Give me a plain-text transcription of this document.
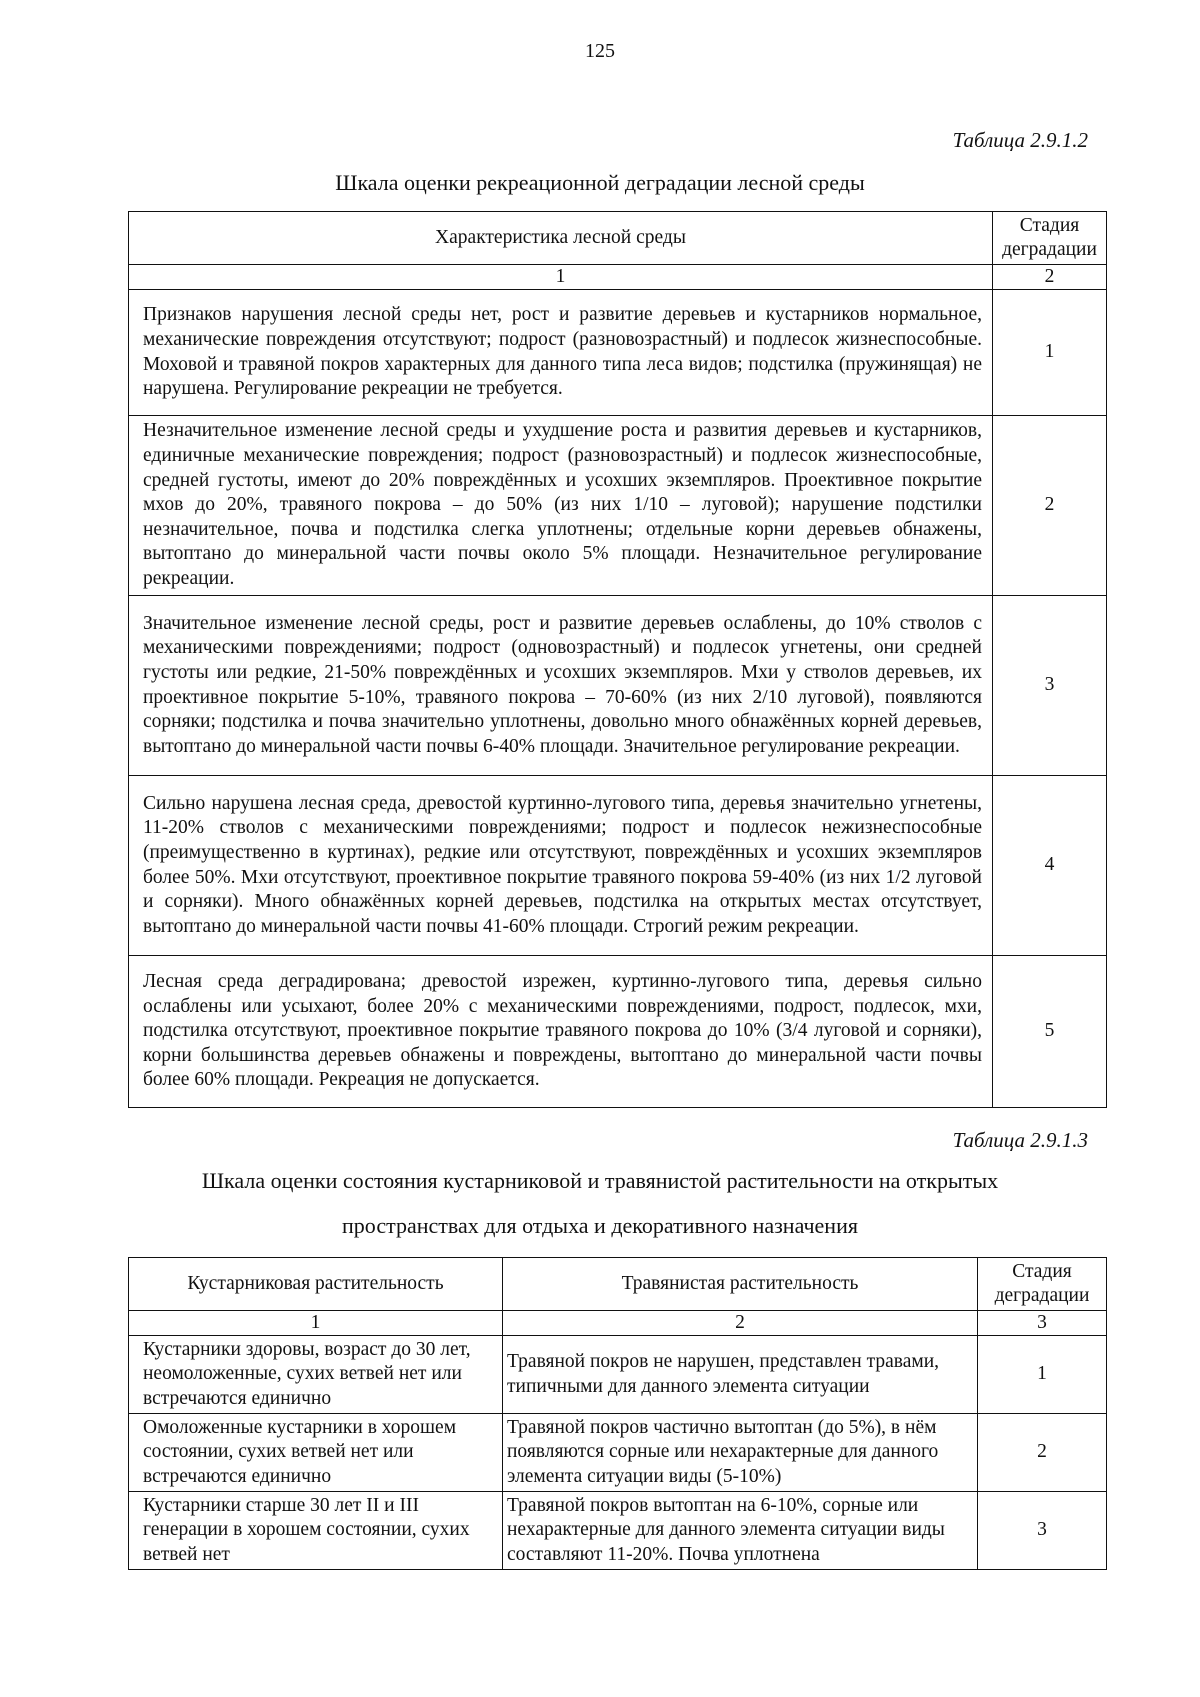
125
Таблица 2.9.1.2
Шкала оценки рекреационной деградации лесной среды
Характеристика лесной среды	Стадия деградации
1	2
Признаков нарушения лесной среды нет, рост и развитие деревьев и кустарников нормальное, механические повреждения отсутствуют; подрост (разновозрастный) и подлесок жизнеспособные. Моховой и травяной покров характерных для данного типа леса видов; подстилка (пружинящая) не нарушена. Регулирование рекреации не требуется.	1
Незначительное изменение лесной среды и ухудшение роста и развития деревьев и кустарников, единичные механические повреждения; подрост (разновозрастный) и подлесок жизнеспособные, средней густоты, имеют до 20% повреждённых и усохших экземпляров. Проективное покрытие мхов до 20%, травяного покрова – до 50% (из них 1/10 – луговой); нарушение подстилки незначительное, почва и подстилка слегка уплотнены; отдельные корни деревьев обнажены, вытоптано до минеральной части почвы около 5% площади. Незначительное регулирование рекреации.	2
Значительное изменение лесной среды, рост и развитие деревьев ослаблены, до 10% стволов с механическими повреждениями; подрост (одновозрастный) и подлесок угнетены, они средней густоты или редкие, 21-50% повреждённых и усохших экземпляров. Мхи у стволов деревьев, их проективное покрытие 5-10%, травяного покрова – 70-60% (из них 2/10 луговой), появляются сорняки; подстилка и почва значительно уплотнены, довольно много обнажённых корней деревьев, вытоптано до минеральной части почвы 6-40% площади. Значительное регулирование рекреации.	3
Сильно нарушена лесная среда, древостой куртинно-лугового типа, деревья значительно угнетены, 11-20% стволов с механическими повреждениями; подрост и подлесок нежизнеспособные (преимущественно в куртинах), редкие или отсутствуют, повреждённых и усохших экземпляров более 50%. Мхи отсутствуют, проективное покрытие травяного покрова 59-40% (из них 1/2 луговой и сорняки). Много обнажённых корней деревьев, подстилка на открытых местах отсутствует, вытоптано до минеральной части почвы 41-60% площади. Строгий режим рекреации.	4
Лесная среда деградирована; древостой изрежен, куртинно-лугового типа, деревья сильно ослаблены или усыхают, более 20% с механическими повреждениями, подрост, подлесок, мхи, подстилка отсутствуют, проективное покрытие травяного покрова до 10% (3/4 луговой и сорняки), корни большинства деревьев обнажены и повреждены, вытоптано до минеральной части почвы более 60% площади. Рекреация не допускается.	5
Таблица 2.9.1.3
Шкала оценки состояния кустарниковой и травянистой растительности на открытых
пространствах для отдыха и декоративного назначения
Кустарниковая растительность	Травянистая растительность	Стадия деградации
1	2	3
Кустарники здоровы, возраст до 30 лет, неомоложенные, сухих ветвей нет или встречаются единично	Травяной покров не нарушен, представлен травами, типичными для данного элемента ситуации	1
Омоложенные кустарники в хорошем состоянии, сухих ветвей нет или встречаются единично	Травяной покров частично вытоптан (до 5%), в нём появляются сорные или нехарактерные для данного элемента ситуации виды (5-10%)	2
Кустарники старше 30 лет II и III генерации в хорошем состоянии, сухих ветвей нет	Травяной покров вытоптан на 6-10%, сорные или нехарактерные для данного элемента ситуации виды составляют 11-20%. Почва уплотнена	3
